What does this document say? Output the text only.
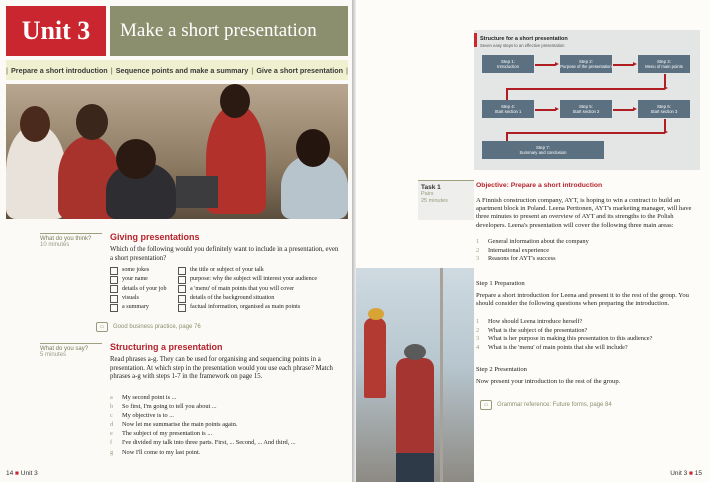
Unit 3	Make a short presentation
| Prepare a short introduction | Sequence points and make a summary | Give a short presentation |
What do you think?
10 minutes
Giving presentations

Which of the following would you definitely want to include in a presentation, even a short presentation?

some jokes
your name
details of your job
visuals
a summary
the title or subject of your talk
purpose: why the subject will interest your audience
a 'menu' of main points that you will cover
details of the background situation
factual information, organised as main points
▭	Good business practice, page 76
What do you say?
5 minutes
Structuring a presentation

Read phrases a-g. They can be used for organising and sequencing points in a presentation. At which step in the presentation would you use each phrase? Match phrases a-g with steps 1-7 in the framework on page 15.

a	My second point is ...
b	So first, I'm going to tell you about ...
c	My objective is to ...
d	Now let me summarise the main points again.
e	The subject of my presentation is ...
f	I've divided my talk into three parts. First, ... Second, ... And third, ...
g	Now I'll come to my last point.
14 ■ Unit 3
Structure for a short presentation
Seven easy steps to an effective presentation
Step 1:
Introduction
Step 2:
Purpose of the presentation
Step 3:
Menu of main points
Step 4:
Start section 1
Step 5:
Start section 2
Step 6:
Start section 3
Step 7:
Summary and conclusion
Task 1
Pairs
25 minutes
Objective: Prepare a short introduction

A Finnish construction company, AYT, is hoping to win a contract to build an apartment block in Poland. Leena Perttonen, AYT's marketing manager, will have three minutes to present an overview of AYT and its strengths to the Polish developers. Leena's presentation will cover the following three main areas:

1	General information about the company
2	International experience
3	Reasons for AYT's success
Step 1 Preparation

Prepare a short introduction for Leena and present it to the rest of the group. You should consider the following questions when preparing the introduction.

1	How should Leena introduce herself?
2	What is the subject of the presentation?
3	What is her purpose in making this presentation to this audience?
4	What is the 'menu' of main points that she will include?
Step 2 Presentation

Now present your introduction to the rest of the group.

▭	Grammar reference: Future forms, page 84
Unit 3 ■ 15
